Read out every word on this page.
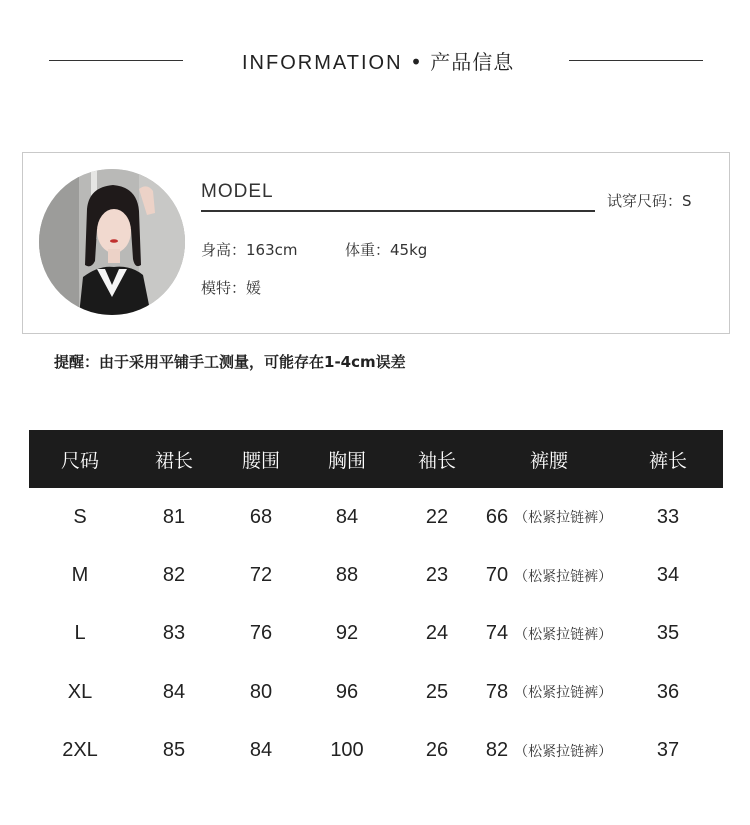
INFORMATION • 产品信息
MODEL	试穿尺码：S
身高：163cm	体重：45kg
模特：媛
提醒：由于采用平铺手工测量，可能存在1-4cm误差
尺码	裙长	腰围	胸围	袖长	裤腰	裤长
S	81	68	84	22	66 （松紧拉链裤）	33
M	82	72	88	23	70 （松紧拉链裤）	34
L	83	76	92	24	74 （松紧拉链裤）	35
XL	84	80	96	25	78 （松紧拉链裤）	36
2XL	85	84	100	26	82 （松紧拉链裤）	37
